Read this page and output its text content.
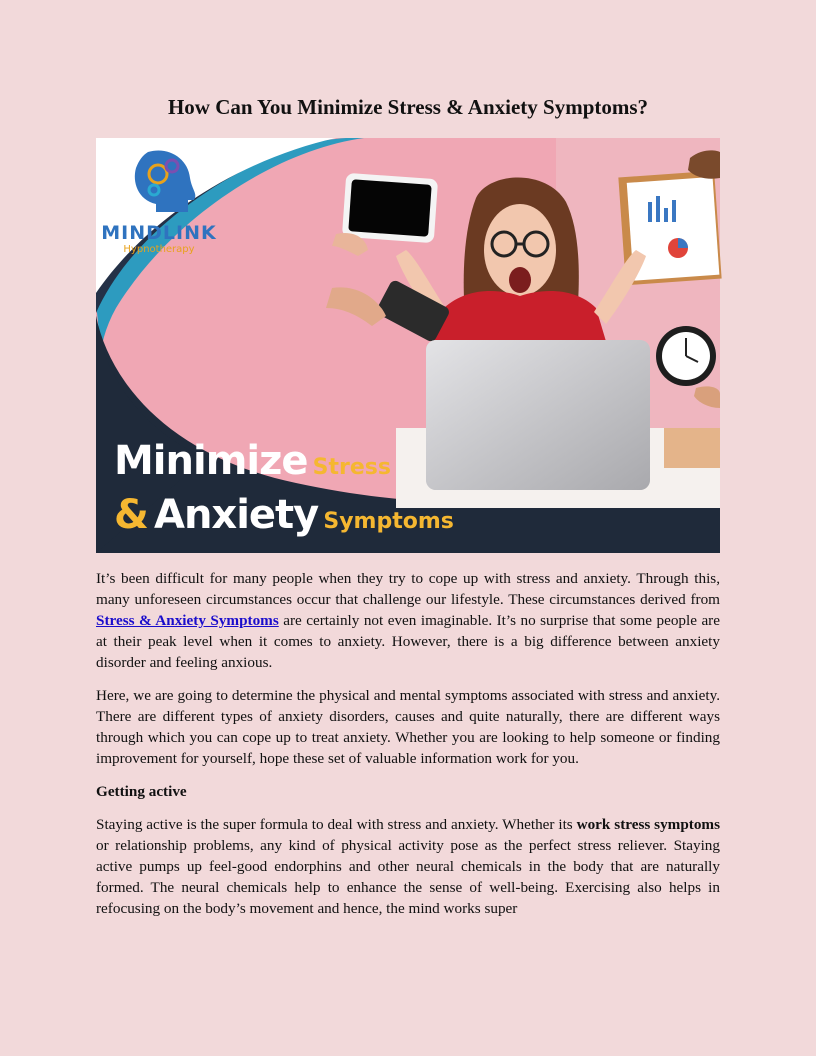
How Can You Minimize Stress & Anxiety Symptoms?
MINDLINK
Hypnotherapy
Minimize Stress
& Anxiety Symptoms

It’s been difficult for many people when they try to cope up with stress and anxiety. Through this, many unforeseen circumstances occur that challenge our lifestyle. These circumstances derived from Stress & Anxiety Symptoms are certainly not even imaginable. It’s no surprise that some people are at their peak level when it comes to anxiety. However, there is a big difference between anxiety disorder and feeling anxious.

Here, we are going to determine the physical and mental symptoms associated with stress and anxiety. There are different types of anxiety disorders, causes and quite naturally, there are different ways through which you can cope up to treat anxiety. Whether you are looking to help someone or finding improvement for yourself, hope these set of valuable information work for you.

Getting active

Staying active is the super formula to deal with stress and anxiety. Whether its work stress symptoms or relationship problems, any kind of physical activity pose as the perfect stress reliever. Staying active pumps up feel-good endorphins and other neural chemicals in the body that are naturally formed. The neural chemicals help to enhance the sense of well-being. Exercising also helps in refocusing on the body’s movement and hence, the mind works super
